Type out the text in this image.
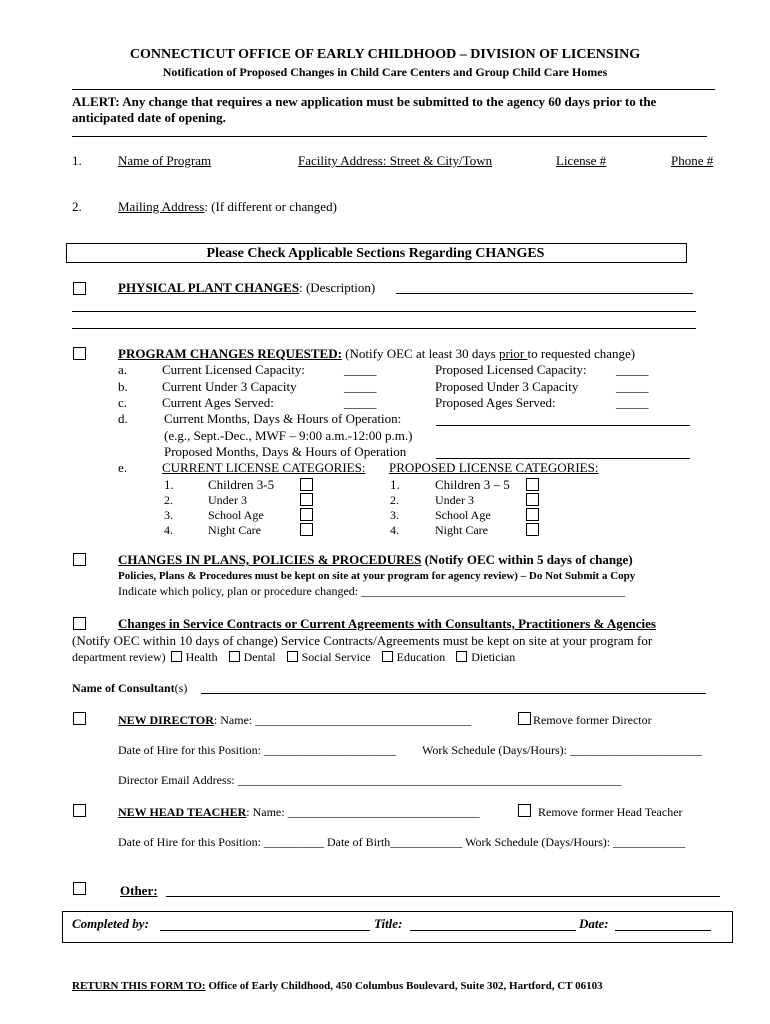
CONNECTICUT OFFICE OF EARLY CHILDHOOD – DIVISION OF LICENSING
Notification of Proposed Changes in Child Care Centers and Group Child Care Homes
ALERT: Any change that requires a new application must be submitted to the agency 60 days prior to the
anticipated date of opening.
1.	Name of Program	Facility Address: Street & City/Town	License #	Phone #
2.	Mailing Address: (If different or changed)
Please Check Applicable Sections Regarding CHANGES
PHYSICAL PLANT CHANGES: (Description)
PROGRAM CHANGES REQUESTED: (Notify OEC at least 30 days prior to requested change)
a.	Current Licensed Capacity:	_____	Proposed Licensed Capacity: _____
b.	Current Under 3 Capacity	_____	Proposed Under 3 Capacity	_____
c.	Current Ages Served:	_____	Proposed Ages Served:	_____
d.	Current Months, Days & Hours of Operation:
(e.g., Sept.-Dec., MWF – 9:00 a.m.-12:00 p.m.)
Proposed Months, Days & Hours of Operation
e.	CURRENT LICENSE CATEGORIES: PROPOSED LICENSE CATEGORIES:
1.	Children 3-5	1.	Children 3 – 5
2.	Under 3	2.	Under 3
3.	School Age	3.	School Age
4.	Night Care	4.	Night Care
CHANGES IN PLANS, POLICIES & PROCEDURES (Notify OEC within 5 days of change)
Policies, Plans & Procedures must be kept on site at your program for agency review) – Do Not Submit a Copy
Indicate which policy, plan or procedure changed: ____________________________________________
Changes in Service Contracts or Current Agreements with Consultants, Practitioners & Agencies
(Notify OEC within 10 days of change) Service Contracts/Agreements must be kept on site at your program for
department review) Health Dental Social Service Education Dietician
Name of Consultant(s)
NEW DIRECTOR: Name: ____________________________________	Remove former Director
Date of Hire for this Position: ______________________ Work Schedule (Days/Hours): ______________________
Director Email Address: ________________________________________________________________
NEW HEAD TEACHER: Name: ________________________________	Remove former Head Teacher
Date of Hire for this Position: __________ Date of Birth____________ Work Schedule (Days/Hours): ____________
Other:
Completed by:	Title:	Date:
RETURN THIS FORM TO: Office of Early Childhood, 450 Columbus Boulevard, Suite 302, Hartford, CT 06103
